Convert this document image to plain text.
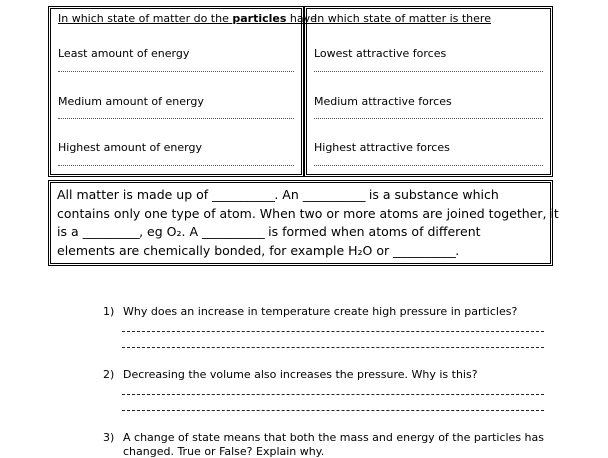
In which state of matter do the particles have
Least amount of energy
Medium amount of energy
Highest amount of energy
In which state of matter is there
Lowest attractive forces
Medium attractive forces
Highest attractive forces
All matter is made up of ___________. An ___________ is a substance which
contains only one type of atom. When two or more atoms are joined together, it
is a __________, eg O₂. A ___________ is formed when atoms of different
elements are chemically bonded, for example H₂O or ___________.
1) Why does an increase in temperature create high pressure in particles?
2) Decreasing the volume also increases the pressure. Why is this?
3) A change of state means that both the mass and energy of the particles has
changed. True or False? Explain why.
